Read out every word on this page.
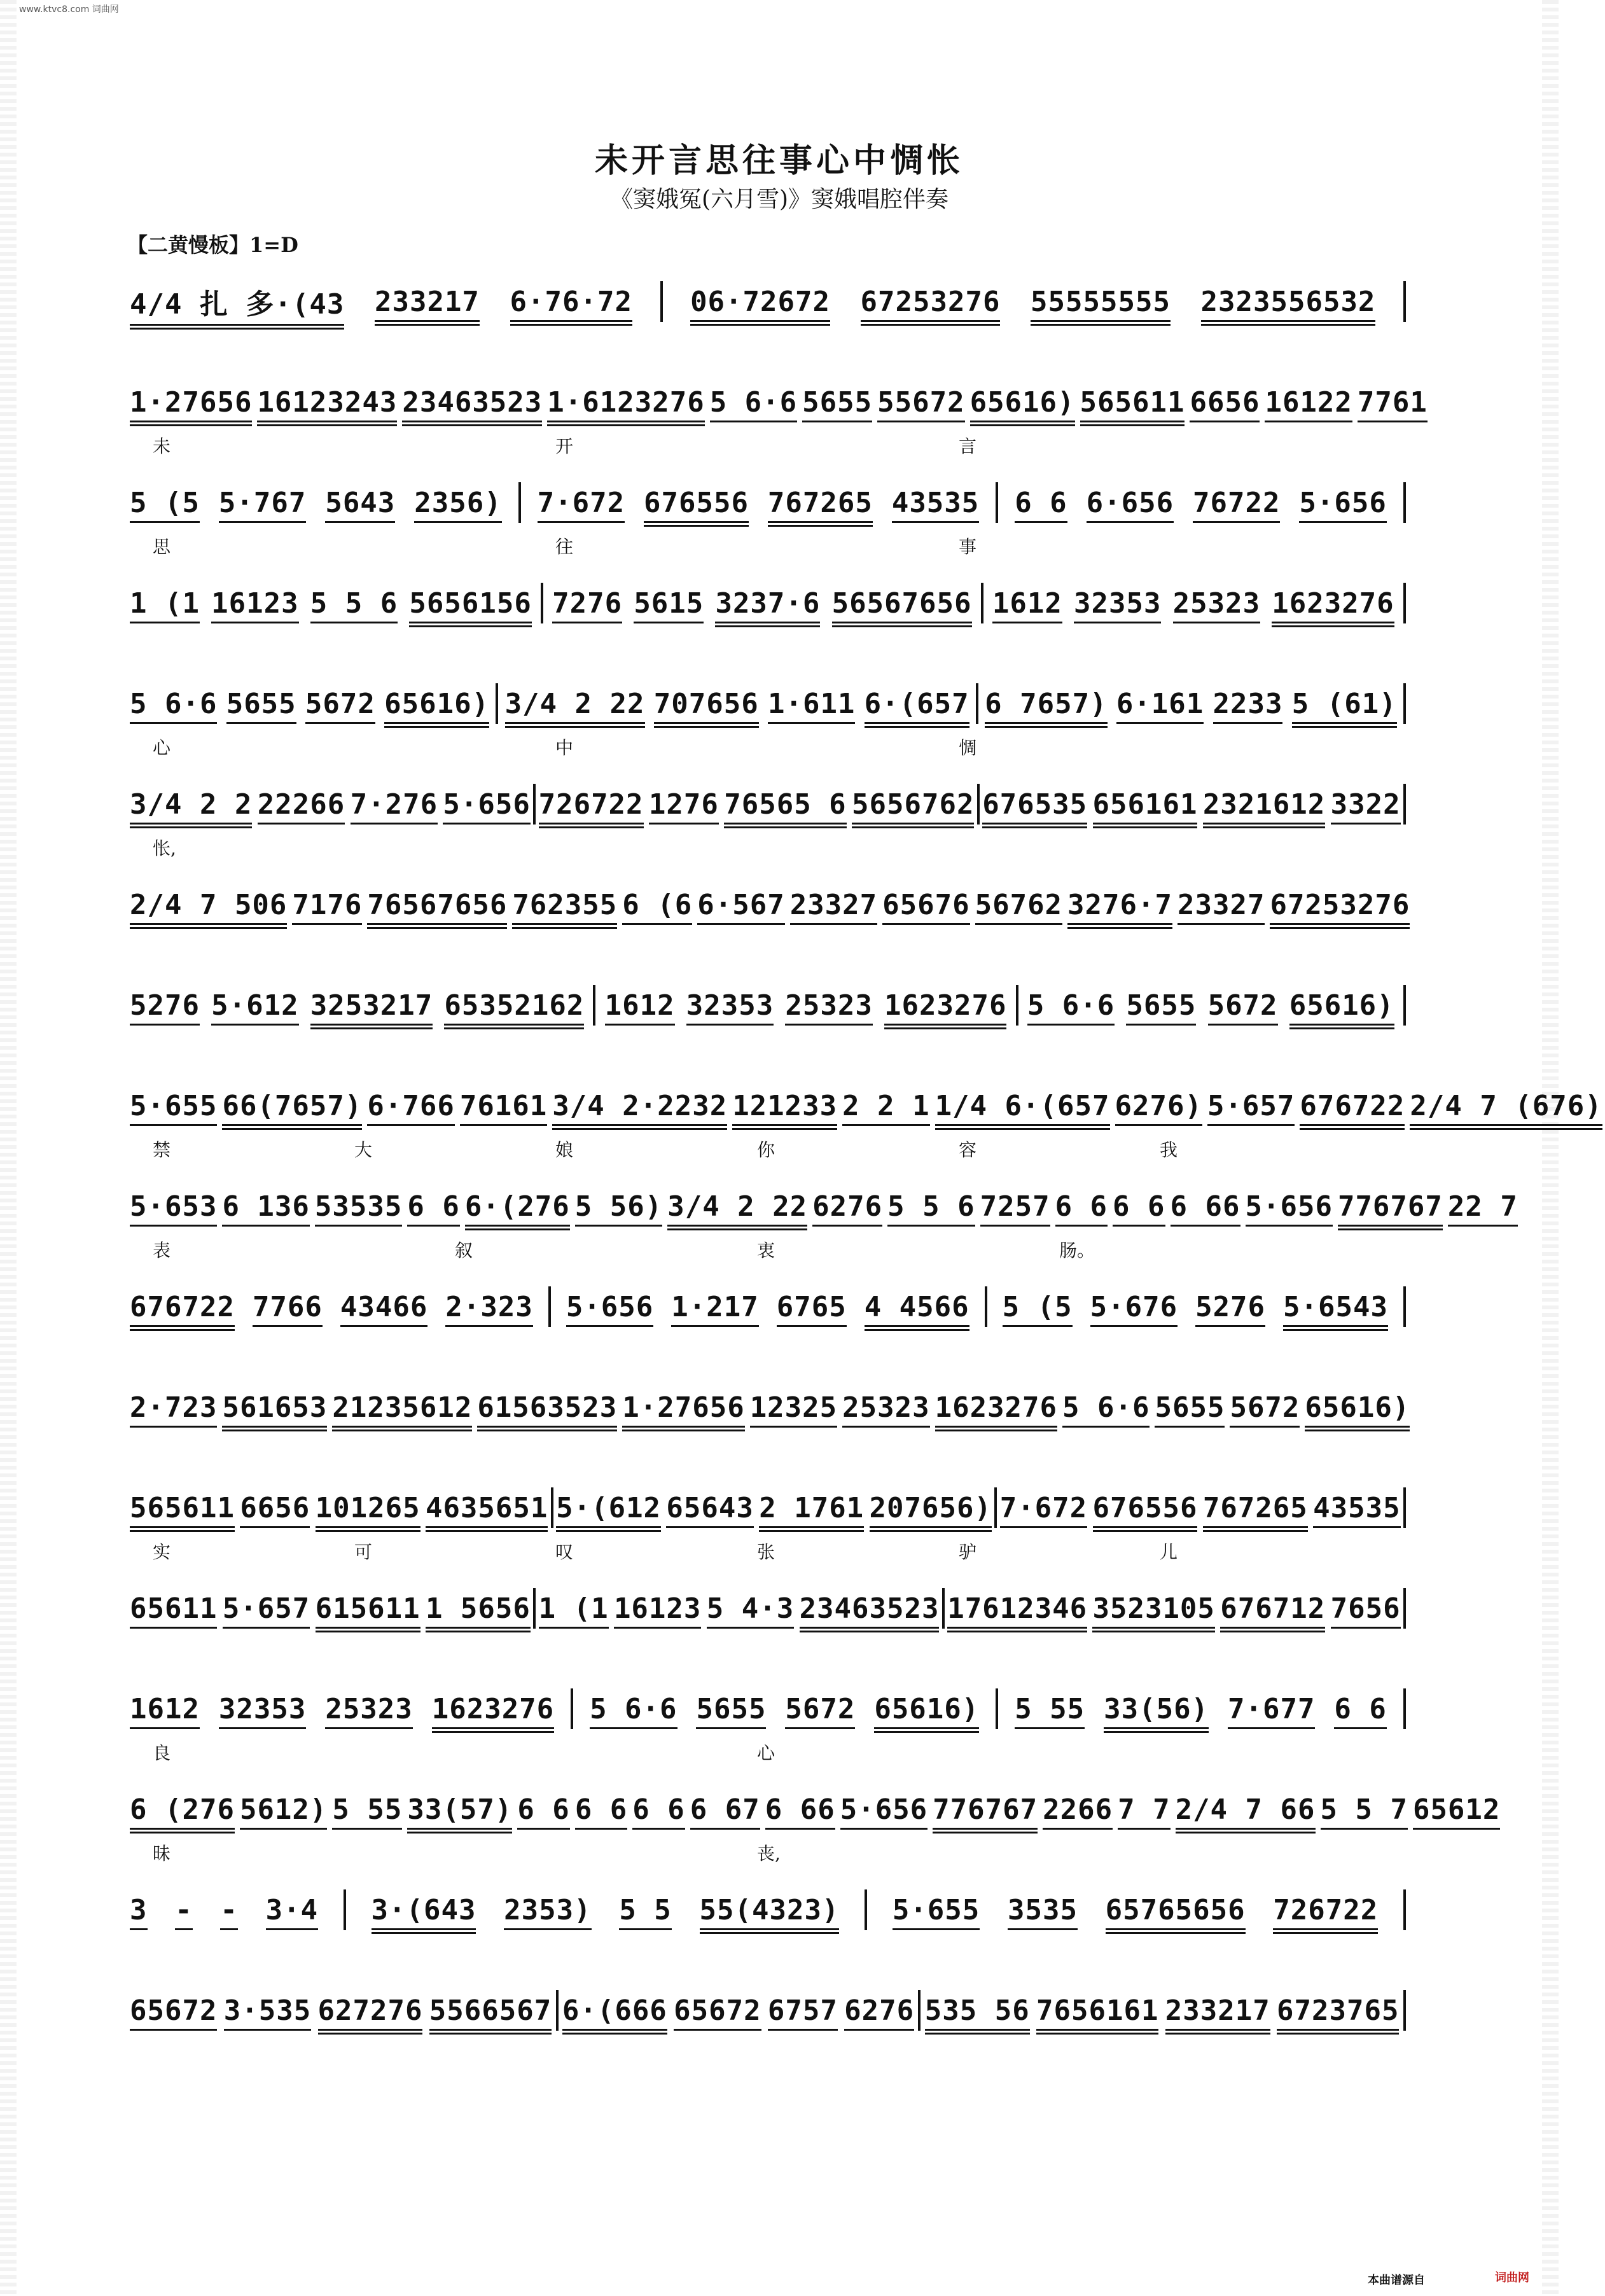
www.ktvc8.com 词曲网
未开言思往事心中惆怅
《窦娥冤(六月雪)》窦娥唱腔伴奏
【二黄慢板】1=D
4/4 扎 多·(43 233217 6·76·72 06·72672 67253276 55555555 2323556532
1·27656 16123243 23463523 1·6123276 5 6·6 5655 55672 65616) 565611 6656 16122 7761
未	开	言
5 (5 5·767 5643 2356) 7·672 676556 767265 43535 6 6 6·656 76722 5·656
思	往	事
1 (1 16123 5 5 6 5656156 7276 5615 3237·6 56567656 1612 32353 25323 1623276
5 6·6 5655 5672 65616) 3/4 2 22 707656 1·611 6·(657 6 7657) 6·161 2233 5 (61)
心	中	惆
3/4 2 2 22266 7·276 5·656 726722 1276 76565 6 5656762 676535 656161 2321612 3322
怅,
2/4 7 506 7176 76567656 762355 6 (6 6·567 23327 65676 56762 3276·7 23327 67253276
5276 5·612 3253217 65352162 1612 32353 25323 1623276 5 6·6 5655 5672 65616)
5·655 66(7657) 6·766 76161 3/4 2·2232 121233 2 2 1 1/4 6·(657 6276) 5·657 676722 2/4 7 (676)
禁	大	娘	你	容	我
5·653 6 136 53535 6 6 6·(276 5 56) 3/4 2 22 6276 5 5 6 7257 6 6 6 6 6 66 5·656 776767 22 7
表	叙	衷	肠。
676722 7766 43466 2·323 5·656 1·217 6765 4 4566 5 (5 5·676 5276 5·6543
2·723 561653 21235612 61563523 1·27656 12325 25323 1623276 5 6·6 5655 5672 65616)
565611 6656 101265 4635651 5·(612 65643 2 1761 207656) 7·672 676556 767265 43535
实	可	叹	张	驴	儿
65611 5·657 615611 1 5656 1 (1 16123 5 4·3 23463523 17612346 3523105 676712 7656
1612 32353 25323 1623276 5 6·6 5655 5672 65616) 5 55 33(56) 7·677 6 6
良	心
6 (276 5612) 5 55 33(57) 6 6 6 6 6 6 6 67 6 66 5·656 776767 2266 7 7 2/4 7 66 5 5 7 65612
昧	丧,
3 - - 3·4 3·(643 2353) 5 5 55(4323) 5·655 3535 65765656 726722
65672 3·535 627276 5566567 6·(666 65672 6757 6276 535 56 7656161 233217 6723765
本曲谱源自	词曲网
